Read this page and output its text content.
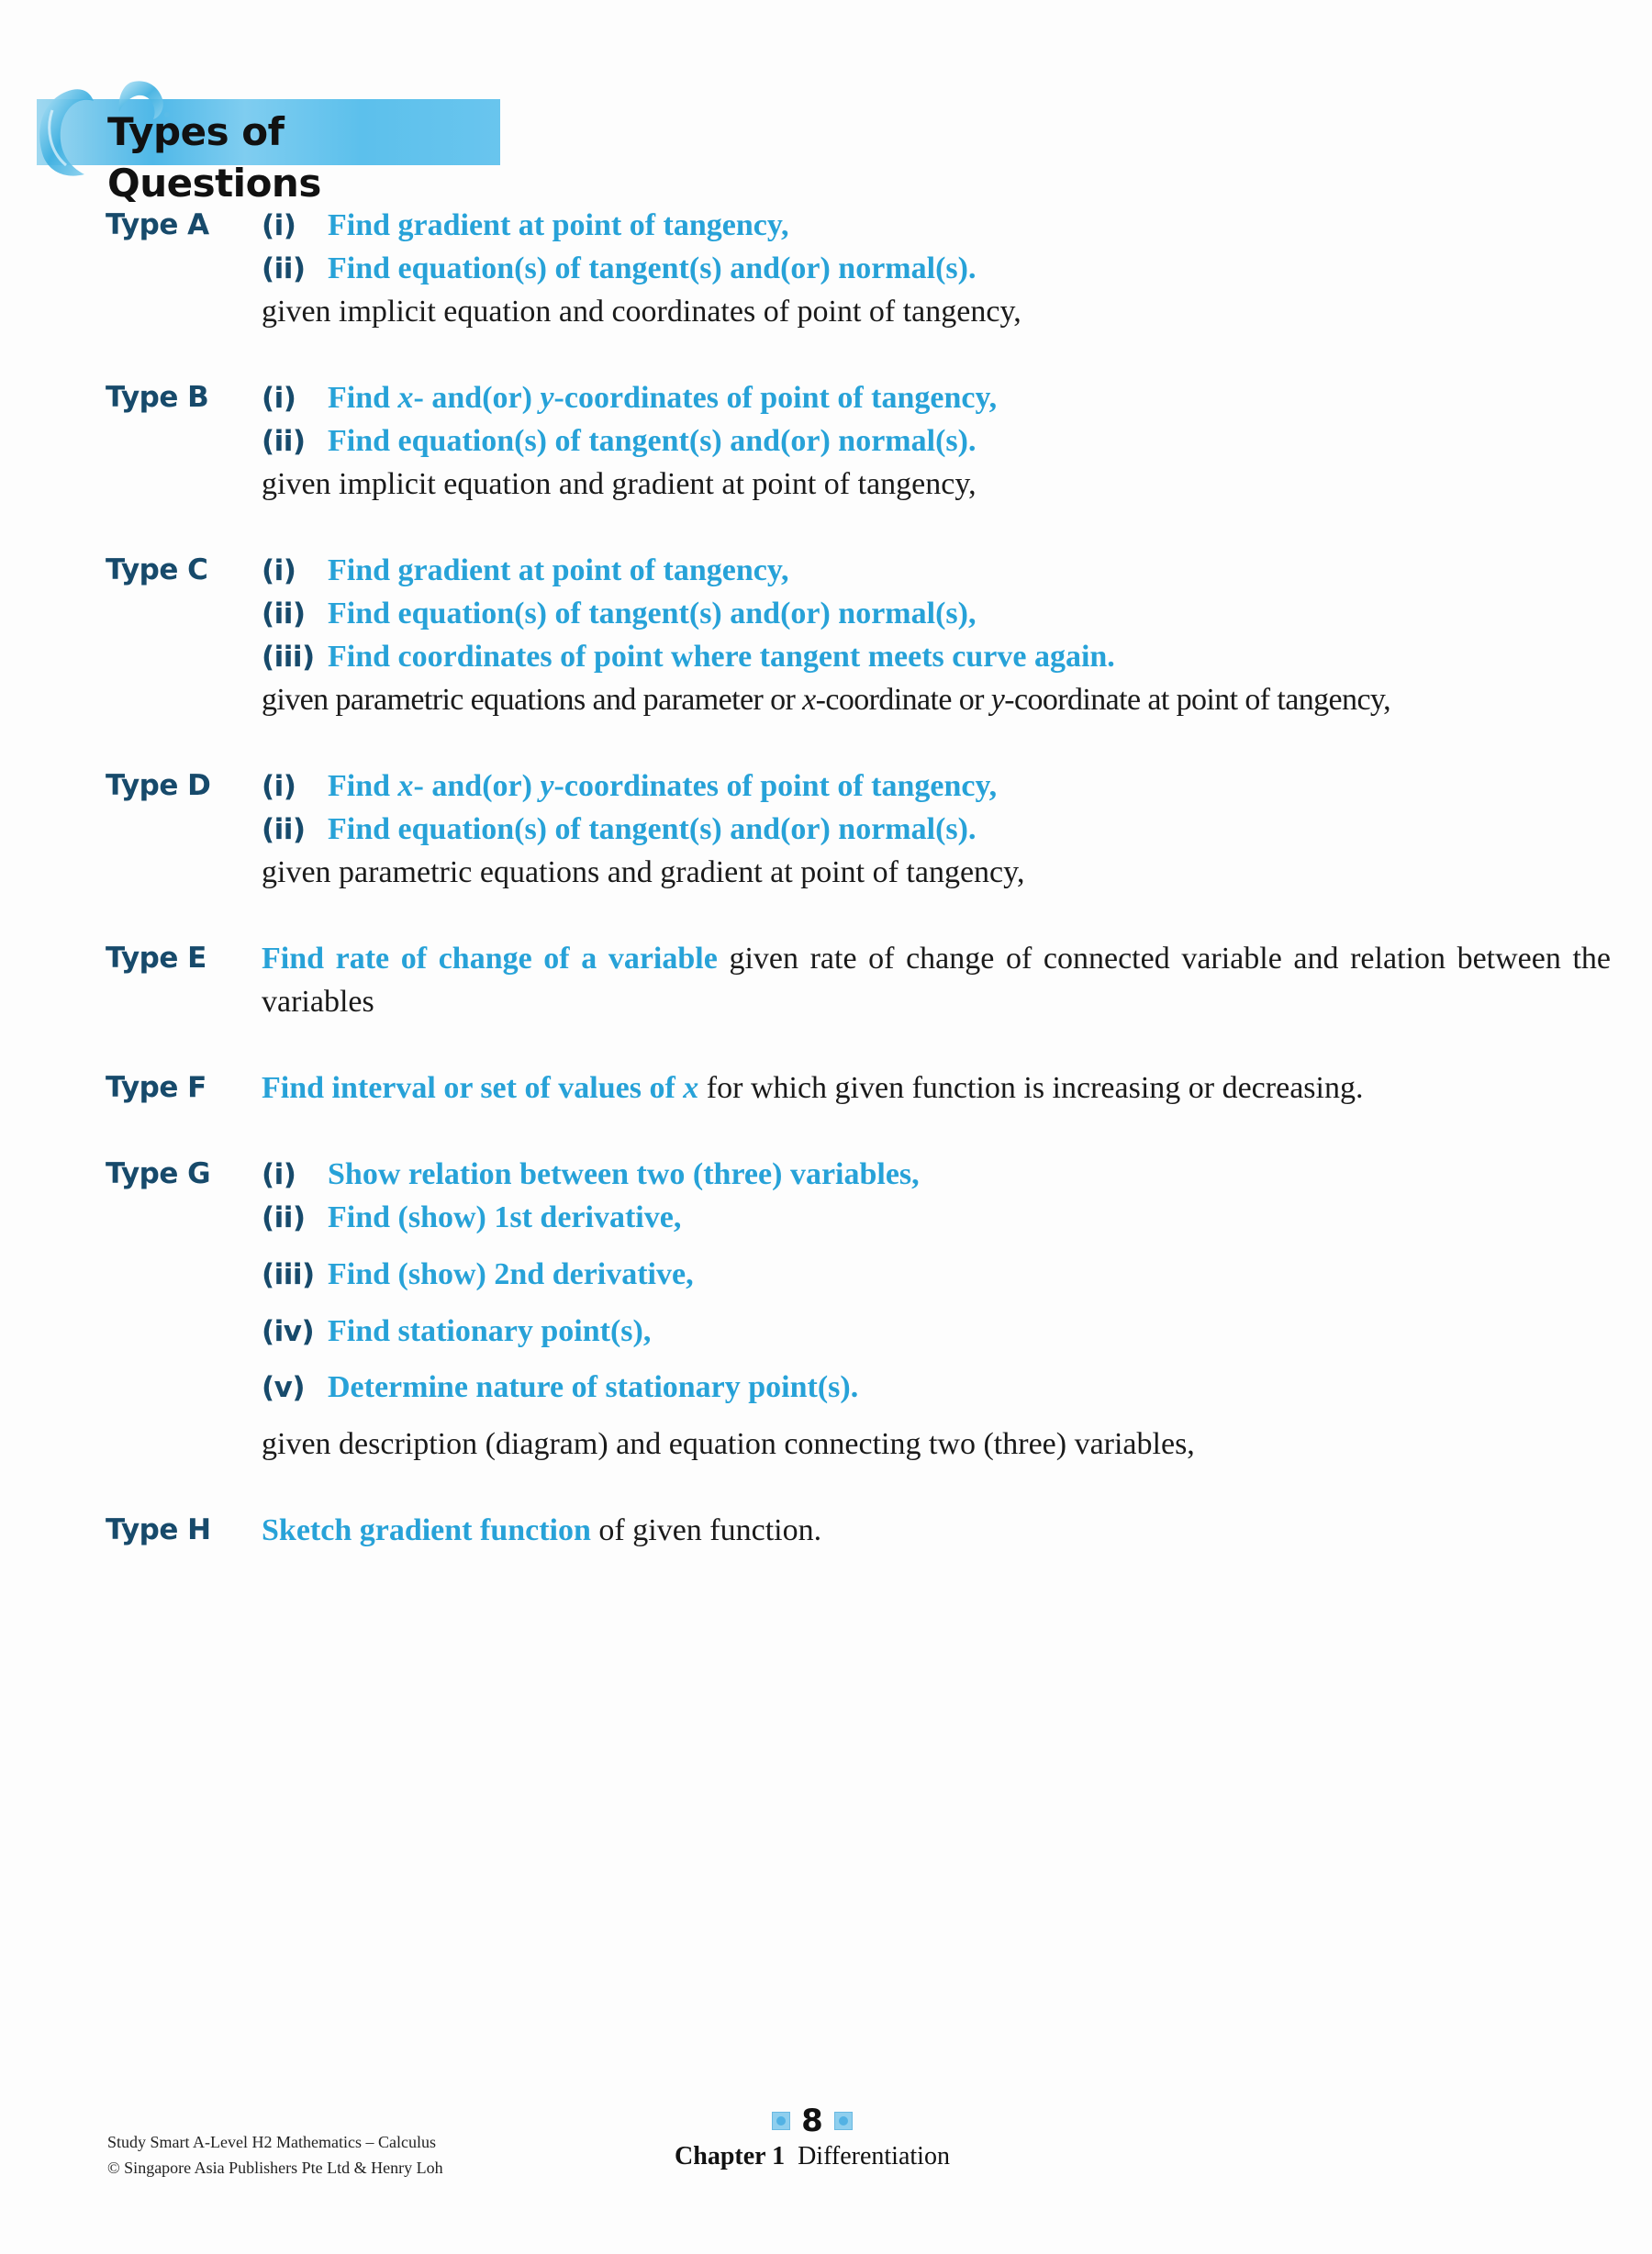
Types of Questions
Type A (i) Find gradient at point of tangency,
(ii) Find equation(s) of tangent(s) and(or) normal(s).
given implicit equation and coordinates of point of tangency,
Type B (i) Find x- and(or) y-coordinates of point of tangency,
(ii) Find equation(s) of tangent(s) and(or) normal(s).
given implicit equation and gradient at point of tangency,
Type C (i) Find gradient at point of tangency,
(ii) Find equation(s) of tangent(s) and(or) normal(s),
(iii) Find coordinates of point where tangent meets curve again.
given parametric equations and parameter or x-coordinate or y-coordinate at point of tangency,
Type D (i) Find x- and(or) y-coordinates of point of tangency,
(ii) Find equation(s) of tangent(s) and(or) normal(s).
given parametric equations and gradient at point of tangency,
Type E Find rate of change of a variable given rate of change of connected variable and relation between the variables
Type F Find interval or set of values of x for which given function is increasing or decreasing.
Type G (i) Show relation between two (three) variables,
(ii) Find (show) 1st derivative,
(iii) Find (show) 2nd derivative,
(iv) Find stationary point(s),
(v) Determine nature of stationary point(s).
given description (diagram) and equation connecting two (three) variables,
Type H Sketch gradient function of given function.
Study Smart A-Level H2 Mathematics – Calculus
© Singapore Asia Publishers Pte Ltd & Henry Loh
8
Chapter 1 Differentiation
